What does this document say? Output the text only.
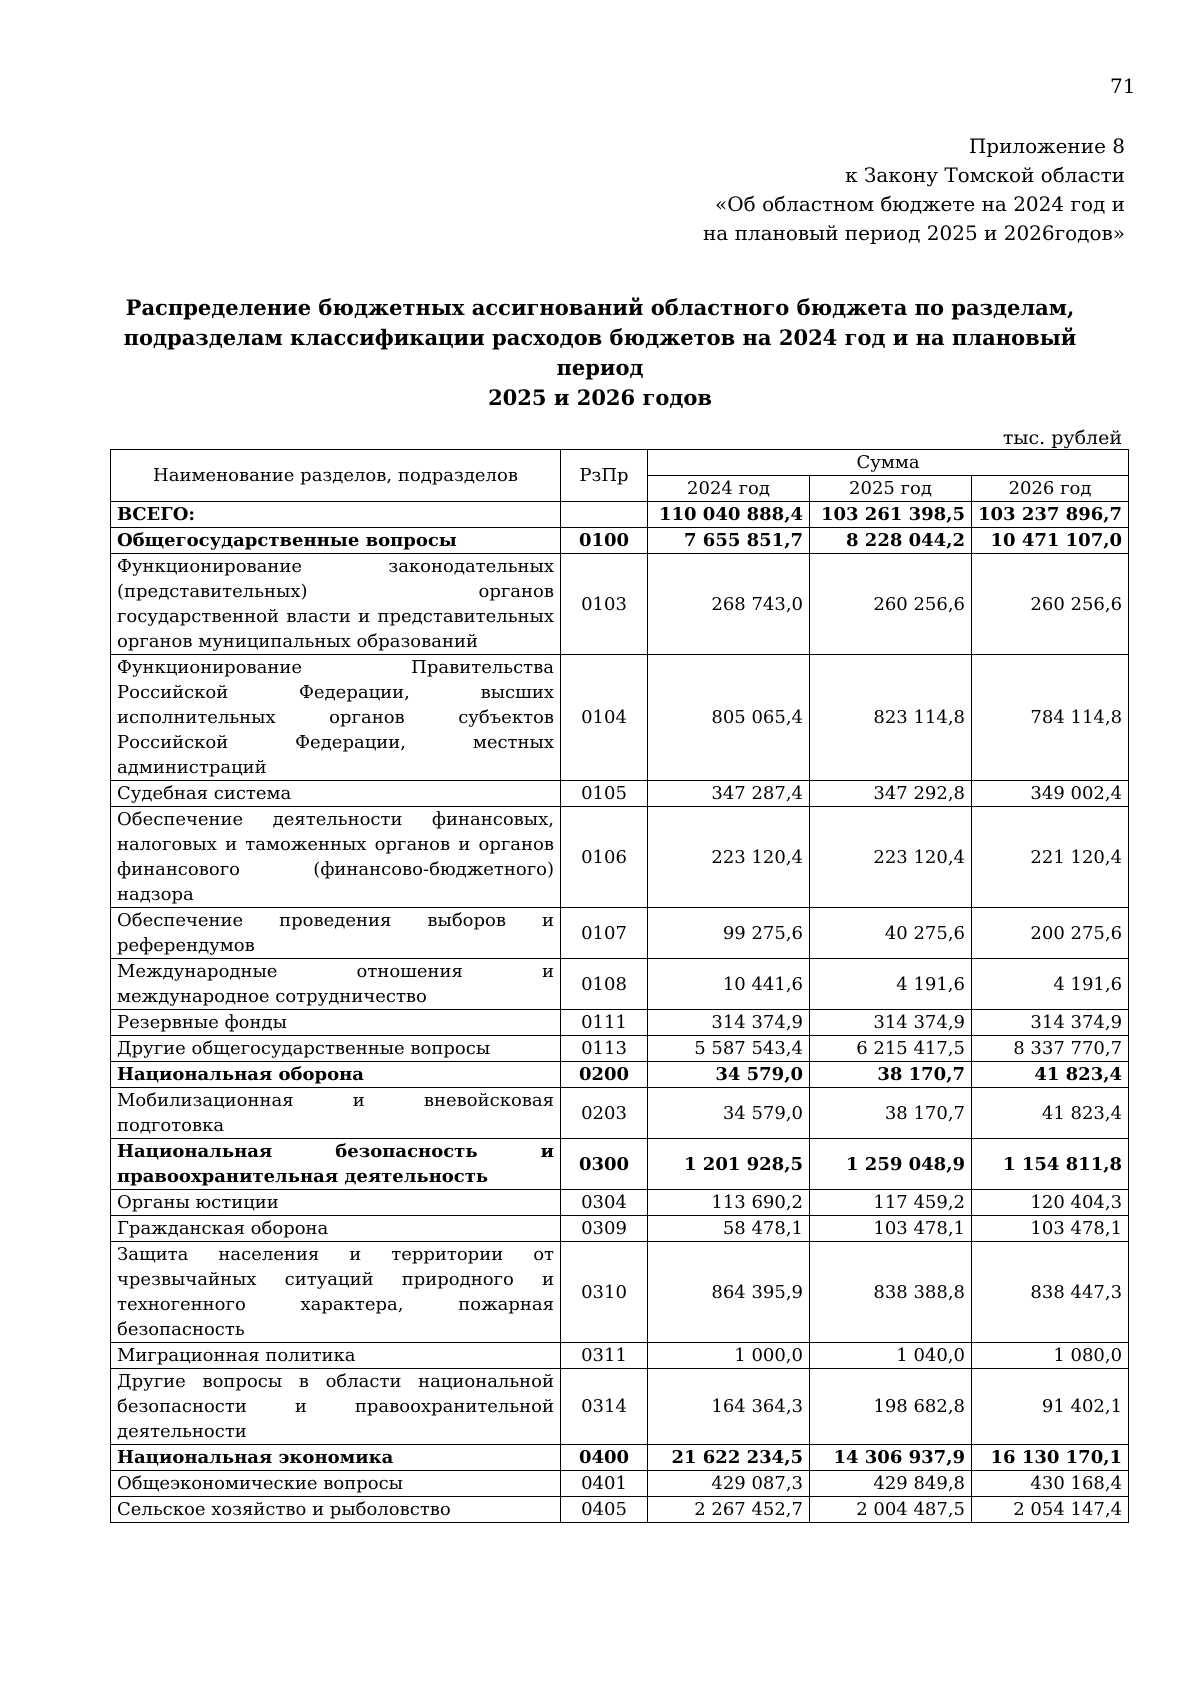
71
Приложение 8
к Закону Томской области
«Об областном бюджете на 2024 год и
на плановый период 2025 и 2026годов»
Распределение бюджетных ассигнований областного бюджета по разделам,
подразделам классификации расходов бюджетов на 2024 год и на плановый период
2025 и 2026 годов
тыс. рублей
Наименование разделов, подразделов	РзПр	Сумма		
		2024 год	2025 год	2026 год
ВСЕГО:		110 040 888,4	103 261 398,5	103 237 896,7
Общегосударственные вопросы	0100	7 655 851,7	8 228 044,2	10 471 107,0
Функционирование законодательных (представительных) органов государственной власти и представительных органов муниципальных образований	0103	268 743,0	260 256,6	260 256,6
Функционирование Правительства Российской Федерации, высших исполнительных органов субъектов Российской Федерации, местных администраций	0104	805 065,4	823 114,8	784 114,8
Судебная система	0105	347 287,4	347 292,8	349 002,4
Обеспечение деятельности финансовых, налоговых и таможенных органов и органов финансового (финансово-бюджетного) надзора	0106	223 120,4	223 120,4	221 120,4
Обеспечение проведения выборов и референдумов	0107	99 275,6	40 275,6	200 275,6
Международные отношения и международное сотрудничество	0108	10 441,6	4 191,6	4 191,6
Резервные фонды	0111	314 374,9	314 374,9	314 374,9
Другие общегосударственные вопросы	0113	5 587 543,4	6 215 417,5	8 337 770,7
Национальная оборона	0200	34 579,0	38 170,7	41 823,4
Мобилизационная и вневойсковая подготовка	0203	34 579,0	38 170,7	41 823,4
Национальная безопасность и правоохранительная деятельность	0300	1 201 928,5	1 259 048,9	1 154 811,8
Органы юстиции	0304	113 690,2	117 459,2	120 404,3
Гражданская оборона	0309	58 478,1	103 478,1	103 478,1
Защита населения и территории от чрезвычайных ситуаций природного и техногенного характера, пожарная безопасность	0310	864 395,9	838 388,8	838 447,3
Миграционная политика	0311	1 000,0	1 040,0	1 080,0
Другие вопросы в области национальной безопасности и правоохранительной деятельности	0314	164 364,3	198 682,8	91 402,1
Национальная экономика	0400	21 622 234,5	14 306 937,9	16 130 170,1
Общеэкономические вопросы	0401	429 087,3	429 849,8	430 168,4
Сельское хозяйство и рыболовство	0405	2 267 452,7	2 004 487,5	2 054 147,4
